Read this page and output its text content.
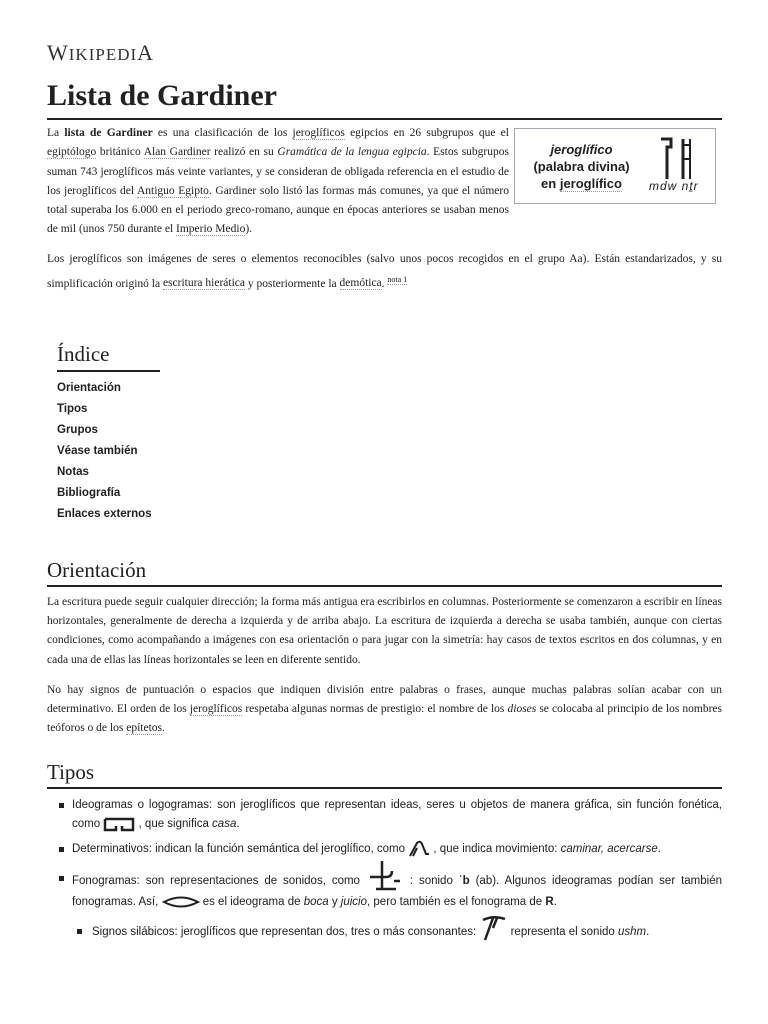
WIKIPEDIA
Lista de Gardiner

La lista de Gardiner es una clasificación de los jeroglíficos egipcios en 26 subgrupos que el egiptólogo británico Alan Gardiner realizó en su Gramática de la lengua egipcia. Estos subgrupos suman 743 jeroglíficos más veinte variantes, y se consideran de obligada referencia en el estudio de los jeroglíficos del Antiguo Egipto. Gardiner solo listó las formas más comunes, ya que el número total superaba los 6.000 en el periodo greco-romano, aunque en épocas anteriores se usaban menos de mil (unos 750 durante el Imperio Medio).

jeroglífico
(palabra divina)
en jeroglífico	mdw nṯr

Los jeroglíficos son imágenes de seres o elementos reconocibles (salvo unos pocos recogidos en el grupo Aa). Están estandarizados, y su simplificación originó la escritura hierática y posteriormente la demótica. $^{nota 1}$

Índice
Orientación
Tipos
Grupos
Véase también
Notas
Bibliografía
Enlaces externos
Orientación

La escritura puede seguir cualquier dirección; la forma más antigua era escribirlos en columnas. Posteriormente se comenzaron a escribir en líneas horizontales, generalmente de derecha a izquierda y de arriba abajo. La escritura de izquierda a derecha se usaba también, aunque con ciertas condiciones, como acompañando a imágenes con esa orientación o para jugar con la simetría: hay casos de textos escritos en dos columnas, y en cada una de ellas las líneas horizontales se leen en diferente sentido.

No hay signos de puntuación o espacios que indiquen división entre palabras o frases, aunque muchas palabras solían acabar con un determinativo. El orden de los jeroglíficos respetaba algunas normas de prestigio: el nombre de los dioses se colocaba al principio de los nombres teóforos o de los epítetos.

Tipos
Ideogramas o logogramas: son jeroglíficos que representan ideas, seres u objetos de manera gráfica, sin función fonética, como	, que significa casa.
Determinativos: indican la función semántica del jeroglífico, como  , que indica movimiento: caminar, acercarse.
Fonogramas: son representaciones de sonidos, como	: sonido ʿb (ab). Algunos ideogramas podían ser también fonogramas. Así,	es el ideograma de boca y juicio, pero también es el fonograma de R.
Signos silábicos: jeroglíficos que representan dos, tres o más consonantes:	representa el sonido ushm.
